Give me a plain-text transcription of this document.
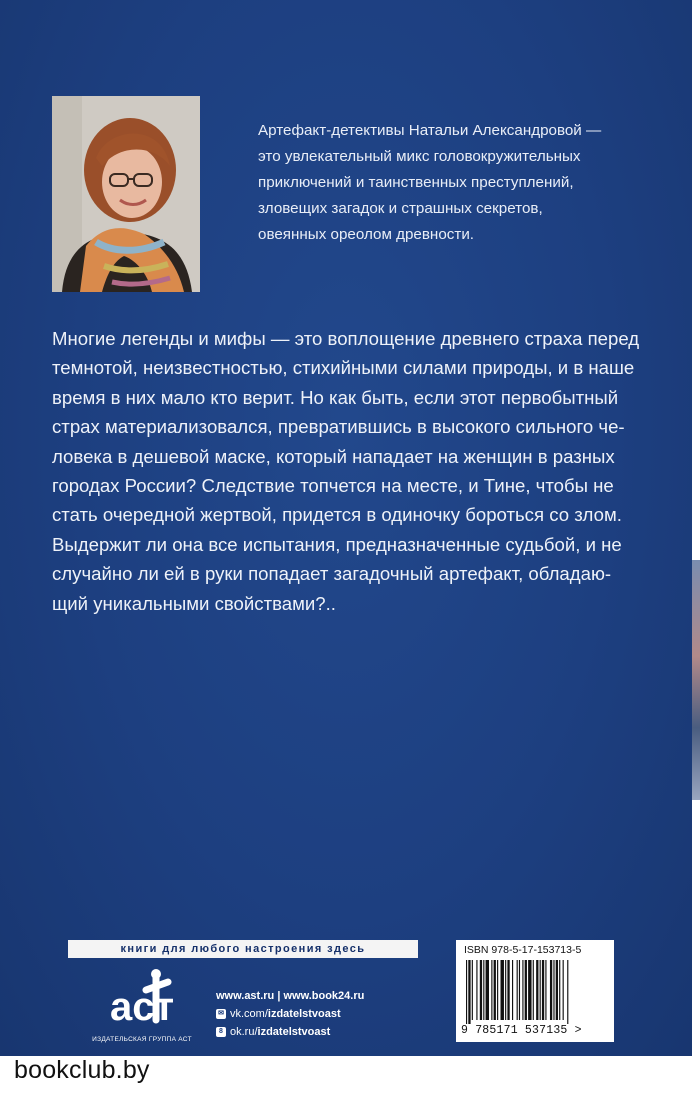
Артефакт-детективы Натальи Александровой —
это увлекательный микс головокружительных
приключений и таинственных преступлений,
зловещих загадок и страшных секретов,
овеянных ореолом древности.
Многие легенды и мифы — это воплощение древнего страха перед
темнотой, неизвестностью, стихийными силами природы, и в наше
время в них мало кто верит. Но как быть, если этот первобытный
страх материализовался, превратившись в высокого сильного че-
ловека в дешевой маске, который нападает на женщин в разных
городах России? Следствие топчется на месте, и Тине, чтобы не
стать очередной жертвой, придется в одиночку бороться со злом.
Выдержит ли она все испытания, предназначенные судьбой, и не
случайно ли ей в руки попадает загадочный артефакт, обладаю-
щий уникальными свойствами?..
книги для любого настроения здесь
аст
ИЗДАТЕЛЬСКАЯ ГРУППА АСТ
www.ast.ru | www.book24.ru
✉ vk.com/ izdatelstvoast
8 ok.ru/ izdatelstvoast
ISBN 978-5-17-153713-5
9 785171 537135 >
bookclub.by
